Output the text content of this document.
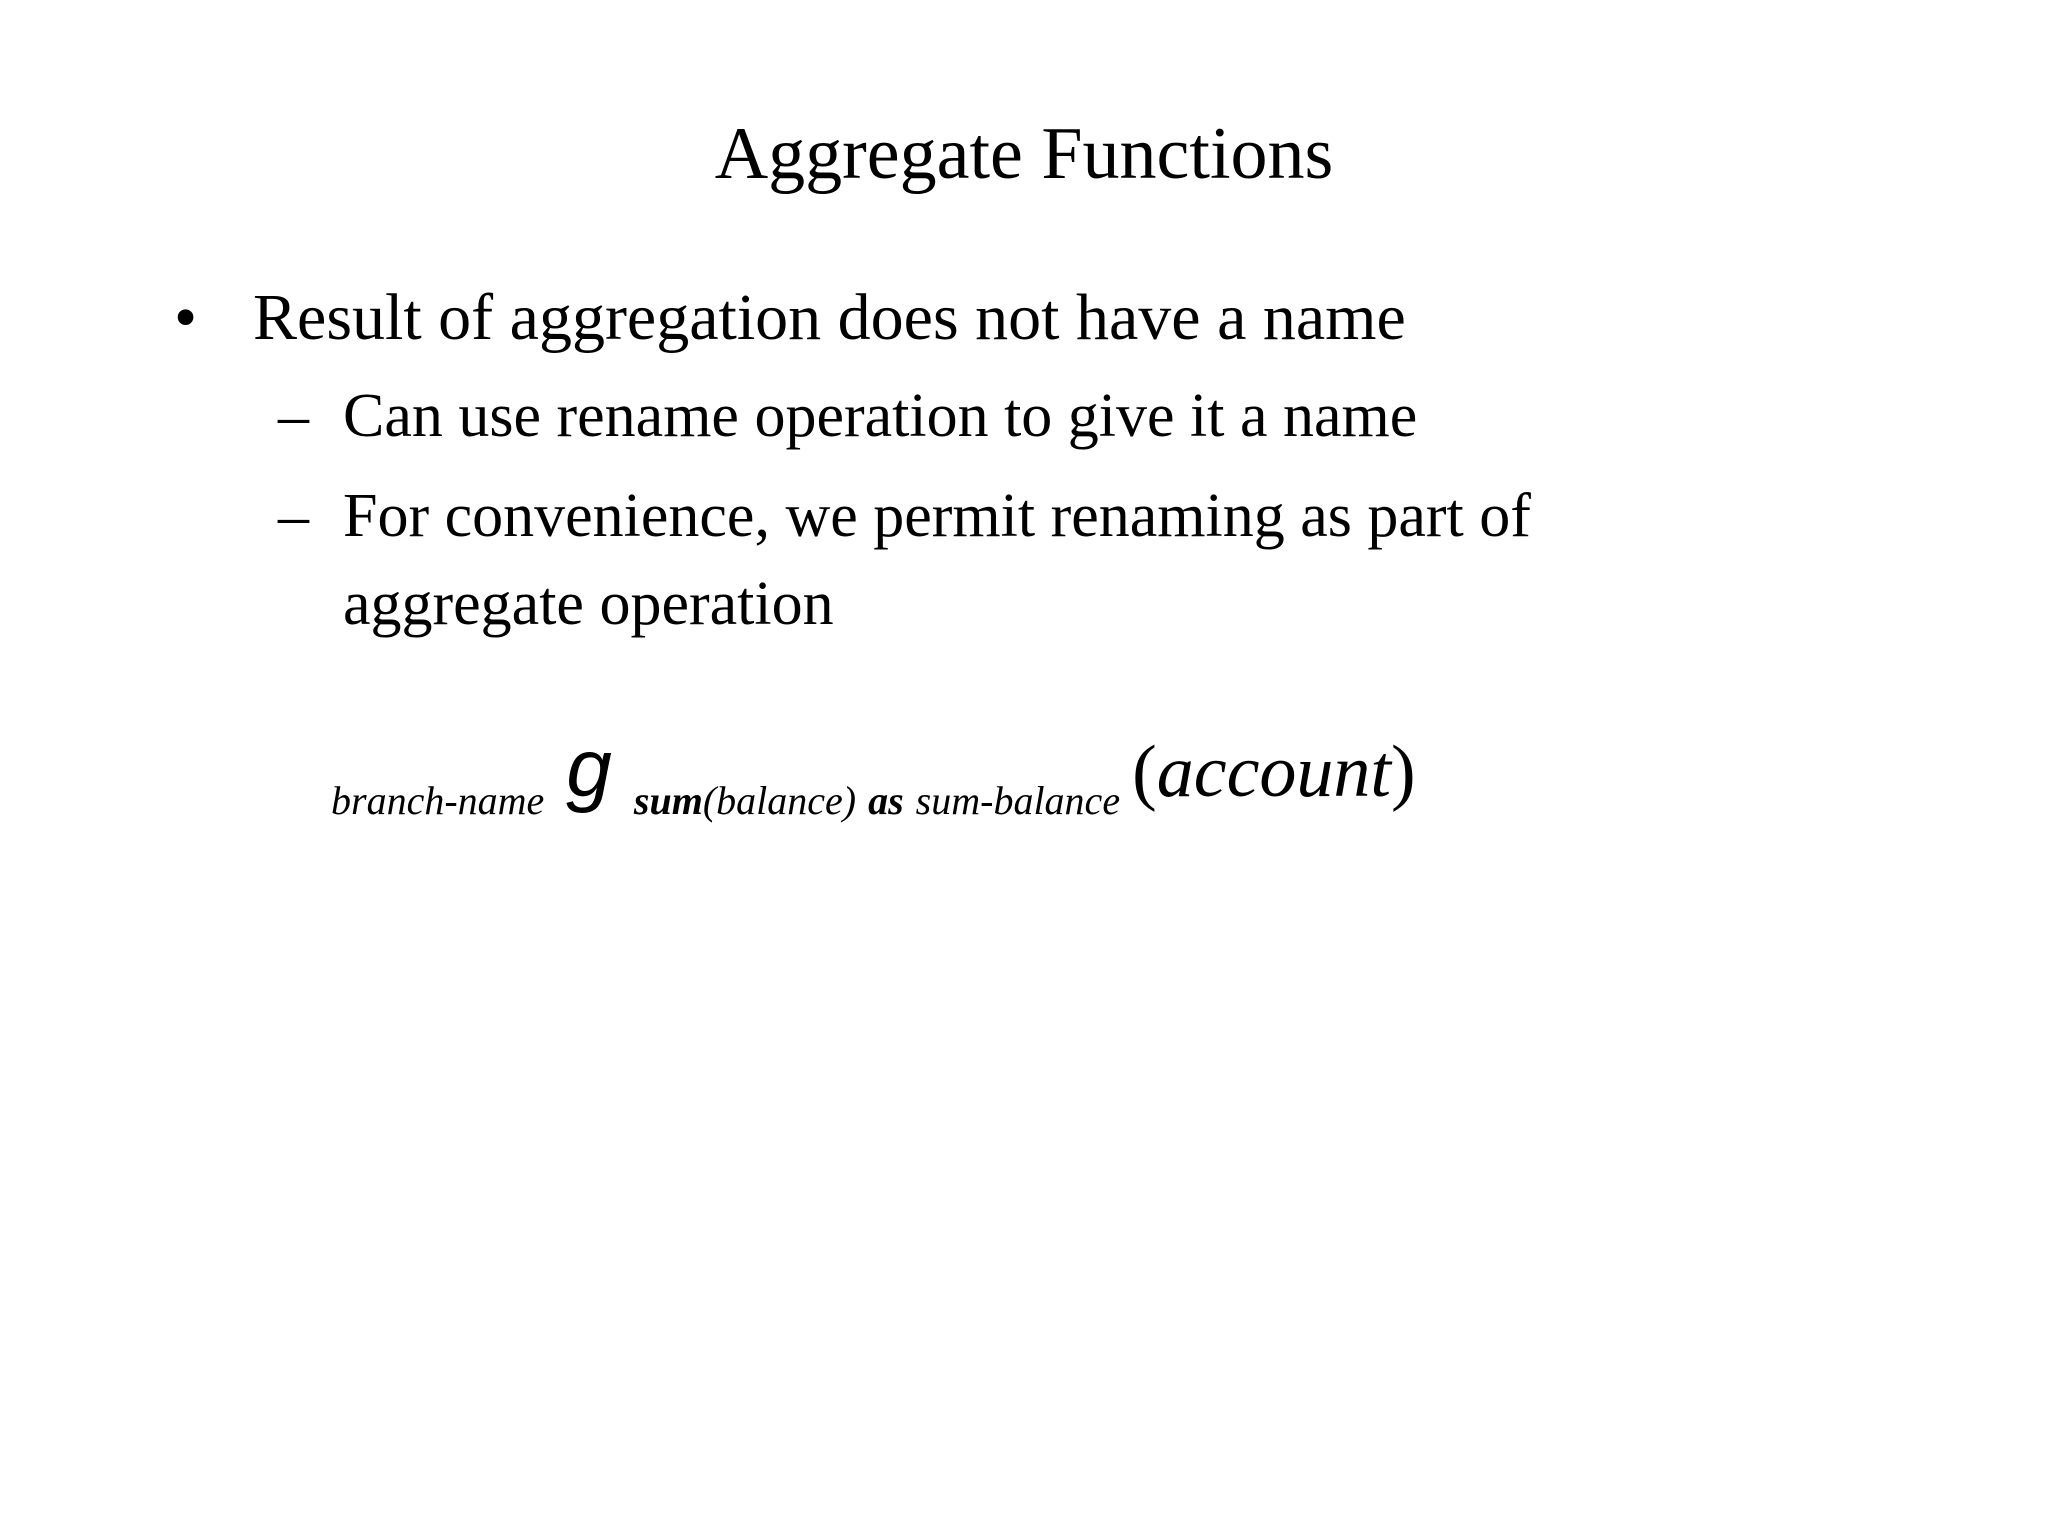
Aggregate Functions
• Result of aggregation does not have a name
– Can use rename operation to give it a name
– For convenience, we permit renaming as part of
aggregate operation
branch-name g sum (balance) as sum-balance ( account )
